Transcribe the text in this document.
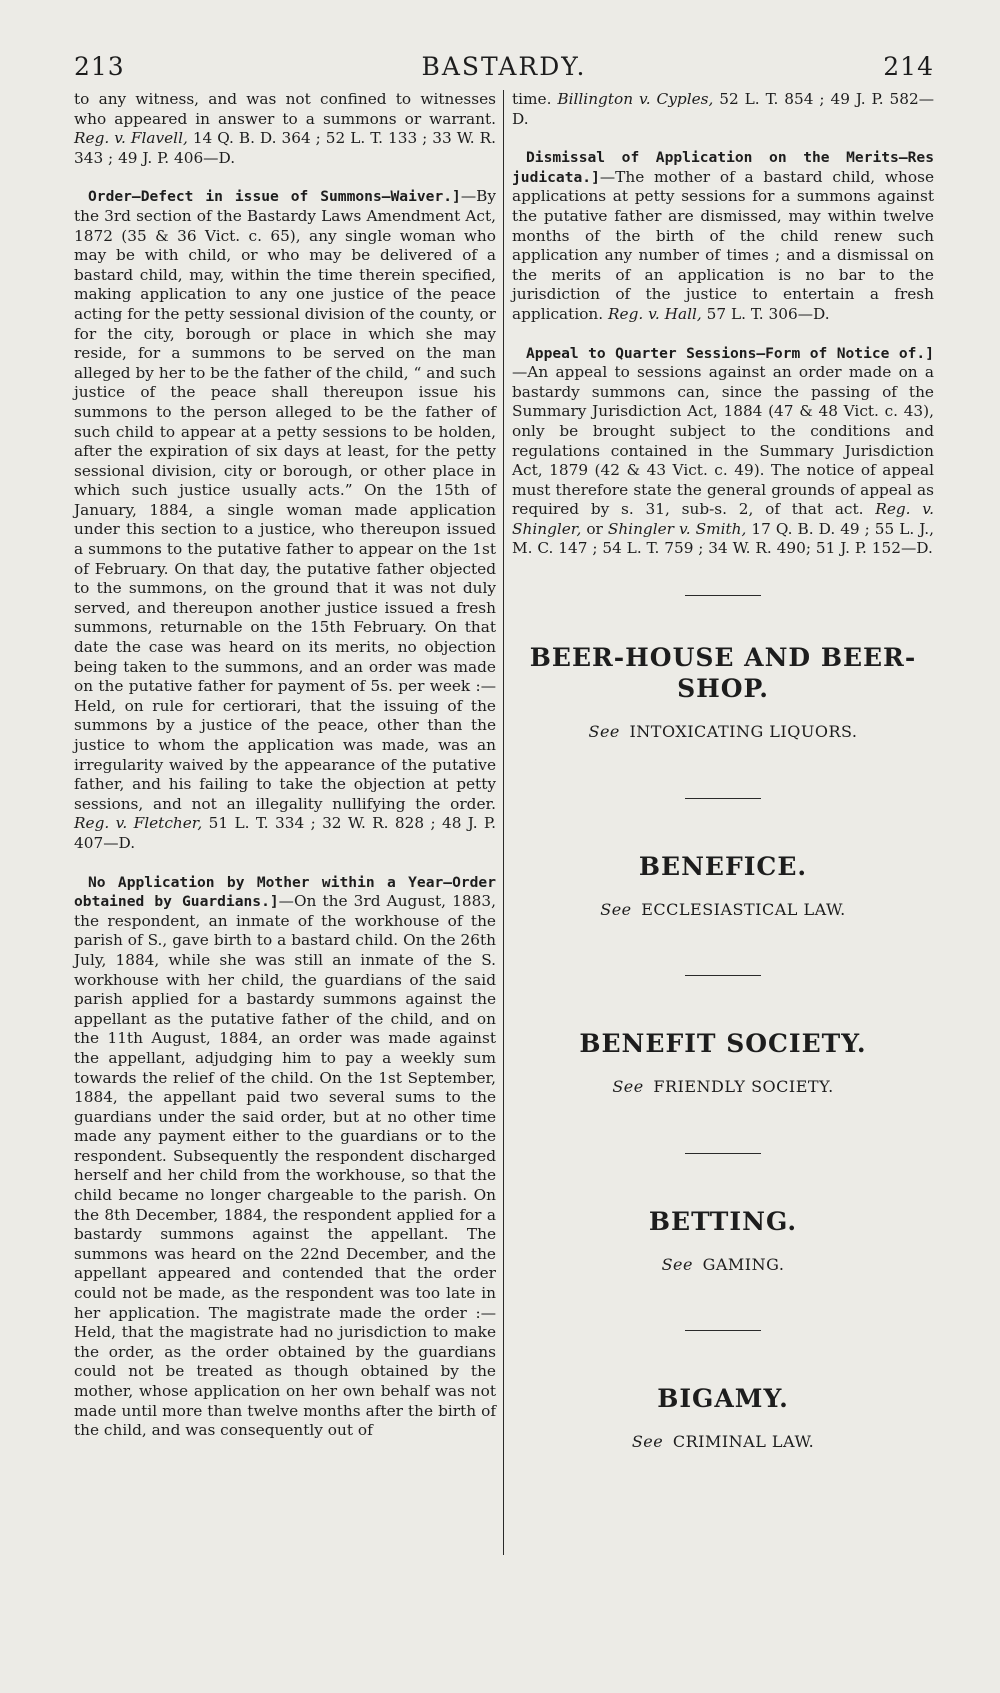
213	BASTARDY.	214

to any witness, and was not confined to witnesses who appeared in answer to a summons or warrant. Reg. v. Flavell, 14 Q. B. D. 364 ; 52 L. T. 133 ; 33 W. R. 343 ; 49 J. P. 406—D.

Order—Defect in issue of Summons—Waiver.]—By the 3rd section of the Bastardy Laws Amendment Act, 1872 (35 & 36 Vict. c. 65), any single woman who may be with child, or who may be delivered of a bastard child, may, within the time therein specified, making application to any one justice of the peace acting for the petty sessional division of the county, or for the city, borough or place in which she may reside, for a summons to be served on the man alleged by her to be the father of the child, “ and such justice of the peace shall thereupon issue his summons to the person alleged to be the father of such child to appear at a petty sessions to be holden, after the expiration of six days at least, for the petty sessional division, city or borough, or other place in which such justice usually acts.” On the 15th of January, 1884, a single woman made application under this section to a justice, who thereupon issued a summons to the putative father to appear on the 1st of February. On that day, the putative father objected to the summons, on the ground that it was not duly served, and thereupon another justice issued a fresh summons, returnable on the 15th February. On that date the case was heard on its merits, no objection being taken to the summons, and an order was made on the putative father for payment of 5s. per week :—Held, on rule for certiorari, that the issuing of the summons by a justice of the peace, other than the justice to whom the application was made, was an irregularity waived by the appearance of the putative father, and his failing to take the objection at petty sessions, and not an illegality nullifying the order. Reg. v. Fletcher, 51 L. T. 334 ; 32 W. R. 828 ; 48 J. P. 407—D.

No Application by Mother within a Year—Order obtained by Guardians.]—On the 3rd August, 1883, the respondent, an inmate of the workhouse of the parish of S., gave birth to a bastard child. On the 26th July, 1884, while she was still an inmate of the S. workhouse with her child, the guardians of the said parish applied for a bastardy summons against the appellant as the putative father of the child, and on the 11th August, 1884, an order was made against the appellant, adjudging him to pay a weekly sum towards the relief of the child. On the 1st September, 1884, the appellant paid two several sums to the guardians under the said order, but at no other time made any payment either to the guardians or to the respondent. Subsequently the respondent discharged herself and her child from the workhouse, so that the child became no longer chargeable to the parish. On the 8th December, 1884, the respondent applied for a bastardy summons against the appellant. The summons was heard on the 22nd December, and the appellant appeared and contended that the order could not be made, as the respondent was too late in her application. The magistrate made the order :—Held, that the magistrate had no jurisdiction to make the order, as the order obtained by the guardians could not be treated as though obtained by the mother, whose application on her own behalf was not made until more than twelve months after the birth of the child, and was consequently out of

time. Billington v. Cyples, 52 L. T. 854 ; 49 J. P. 582—D.

Dismissal of Application on the Merits—Res judicata.]—The mother of a bastard child, whose applications at petty sessions for a summons against the putative father are dismissed, may within twelve months of the birth of the child renew such application any number of times ; and a dismissal on the merits of an application is no bar to the jurisdiction of the justice to entertain a fresh application. Reg. v. Hall, 57 L. T. 306—D.

Appeal to Quarter Sessions—Form of Notice of.]—An appeal to sessions against an order made on a bastardy summons can, since the passing of the Summary Jurisdiction Act, 1884 (47 & 48 Vict. c. 43), only be brought subject to the conditions and regulations contained in the Summary Jurisdiction Act, 1879 (42 & 43 Vict. c. 49). The notice of appeal must therefore state the general grounds of appeal as required by s. 31, sub-s. 2, of that act. Reg. v. Shingler, or Shingler v. Smith, 17 Q. B. D. 49 ; 55 L. J., M. C. 147 ; 54 L. T. 759 ; 34 W. R. 490; 51 J. P. 152—D.

BEER-HOUSE AND BEER-SHOP.
See INTOXICATING LIQUORS.
BENEFICE.
See ECCLESIASTICAL LAW.
BENEFIT SOCIETY.
See FRIENDLY SOCIETY.
BETTING.
See GAMING.
BIGAMY.
See CRIMINAL LAW.
